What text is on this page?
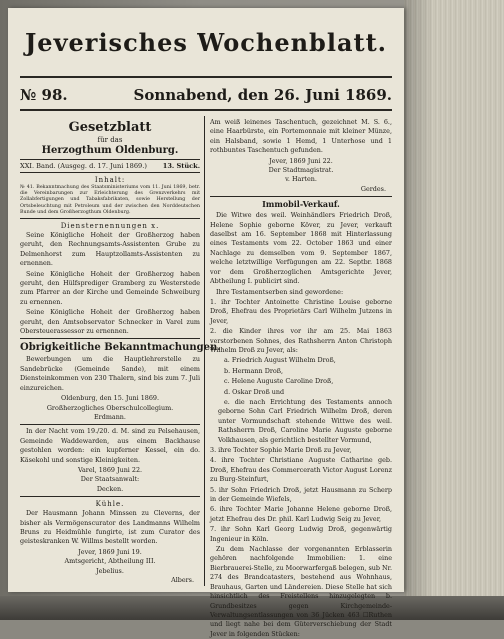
Jeverisches Wochenblatt.
№ 98.	Sonnabend, den 26. Juni 1869.
Gesetzblatt
für das
Herzogthum Oldenburg.
XXI. Band. (Ausgeg. d. 17. Juni 1869.) 13. Stück.
Inhalt:

№ 41. Bekanntmachung des Staatsministeriums vom 11. Juni 1869, betr. die Vereinbarungen zur Erleichterung des Grenzverkehrs mit Zollabfertigungen und Tabaksfabrikaten, sowie Herstellung der Ortsbeleuchtung mit Petroleum und der zwischen den Norddeutschen Bunde und dem Großherzogthum Oldenburg.

Diensternennungen x.

Seine Königliche Hoheit der Großherzog haben geruht, den Rechnungsamts-Assistenten Grube zu Delmenhorst zum Hauptzollamts-Assistenten zu ernennen.

Seine Königliche Hoheit der Großherzog haben geruht, den Hülfsprediger Gramberg zu Westerstede zum Pfarrer an der Kirche und Gemeinde Schweiburg zu ernennen.

Seine Königliche Hoheit der Großherzog haben geruht, den Amtsobservator Schnecker in Varel zum Obersteuerassessor zu ernennen.

Obrigkeitliche Bekanntmachungen.

Bewerbungen um die Hauptlehrerstelle zu Sandebrücke (Gemeinde Sande), mit einem Diensteinkommen von 230 Thalern, sind bis zum 7. Juli einzureichen.

Oldenburg, den 15. Juni 1869.

Großherzogliches Oberschulcollegium.

Erdmann.

In der Nacht vom 19./20. d. M. sind zu Pelsehausen, Gemeinde Waddewarden, aus einem Backhause gestohlen worden: ein kupferner Kessel, ein do. Käsekohl und sonstige Kleinigkeiten.

Varel, 1869 Juni 22.

Der Staatsanwalt:

Decken.

Kühle.

Der Hausmann Johann Minssen zu Cleverns, der bisher als Vermögenscurator des Landmanns Wilhelm Bruns zu Heidmühle fungirte, ist zum Curator des geisteskranken W. Willms bestellt worden.

Jever, 1869 Juni 19.

Amtsgericht, Abtheilung III.

Jebelius.

Albers.

Am weiß leinenes Taschentuch, gezeichnet M. S. 6., eine Haarbürste, ein Portemonnaie mit kleiner Münze, ein Halsband, sowie 1 Hemd, 1 Unterhose und 1 rothbuntes Taschentuch gefunden.

Jever, 1869 Juni 22.

Der Stadtmagistrat.

v. Harten.

Gerdes.

Immobil-Verkauf.

Die Witwe des weil. Weinhändlers Friedrich Droß, Helene Sophie geborne Köver, zu Jever, verkauft daselbst am 16. September 1868 mit Hinterlassung eines Testaments vom 22. October 1863 und einer Nachlage zu demselben vom 9. September 1867, welche letztwillige Verfügungen am 22. Septbr. 1868 vor dem Großherzoglichen Amtsgerichte Jever, Abtheilung I. publicirt sind.

Ihre Testamentserben sind gewordene:

1. ihr Tochter Antoinette Christine Louise geborne Droß, Ehefrau des Proprietärs Carl Wilhelm Jutzens in Jever,

2. die Kinder ihres vor ihr am 25. Mai 1863 verstorbenen Sohnes, des Rathsherrn Anton Christoph Wilhelm Droß zu Jever, als:

a. Friedrich August Wilhelm Droß,

b. Hermann Droß,

c. Helene Auguste Caroline Droß,

d. Oskar Droß und

e. die nach Errichtung des Testaments annoch geborne Sohn Carl Friedrich Wilhelm Droß, deren unter Vormundschaft stehende Wittwe des weil. Rathsherrn Droß, Caroline Marie Auguste geborne Volkhausen, als gerichtlich bestellter Vormund,

3. ihre Tochter Sophie Marie Droß zu Jever,

4. ihre Tochter Christiane Auguste Catharine geb. Droß, Ehefrau des Commercerath Victor August Lorenz zu Burg-Steinfurt,

5. ihr Sohn Friedrich Droß, jetzt Hausmann zu Scherp in der Gemeinde Wiefels,

6. ihre Tochter Marie Johanne Helene geborne Droß, jetzt Ehefrau des Dr. phil. Karl Ludwig Seig zu Jever,

7. ihr Sohn Karl Georg Ludwig Droß, gegenwärtig Ingenieur in Köln.

Zu dem Nachlasse der vorgenannten Erblasserin gehören nachfolgende Immobilien: 1. eine Bierbrauerei-Stelle, zu Moorwarfergaß belegen, sub Nr. 274 des Brandcatasters, bestehend aus Wohnhaus, Brauhaus, Garten und Ländereien. Diese Stelle hat sich hinsichtlich des Freistellens hinzugelegten b. Grundbesitzes gegen Kirchgemeinde-Verwaltungsentlassungen von 36 Jücken 463 ☐Ruthen und liegt nahe bei dem Güterverschiebung der Stadt Jever in folgenden Stücken:
